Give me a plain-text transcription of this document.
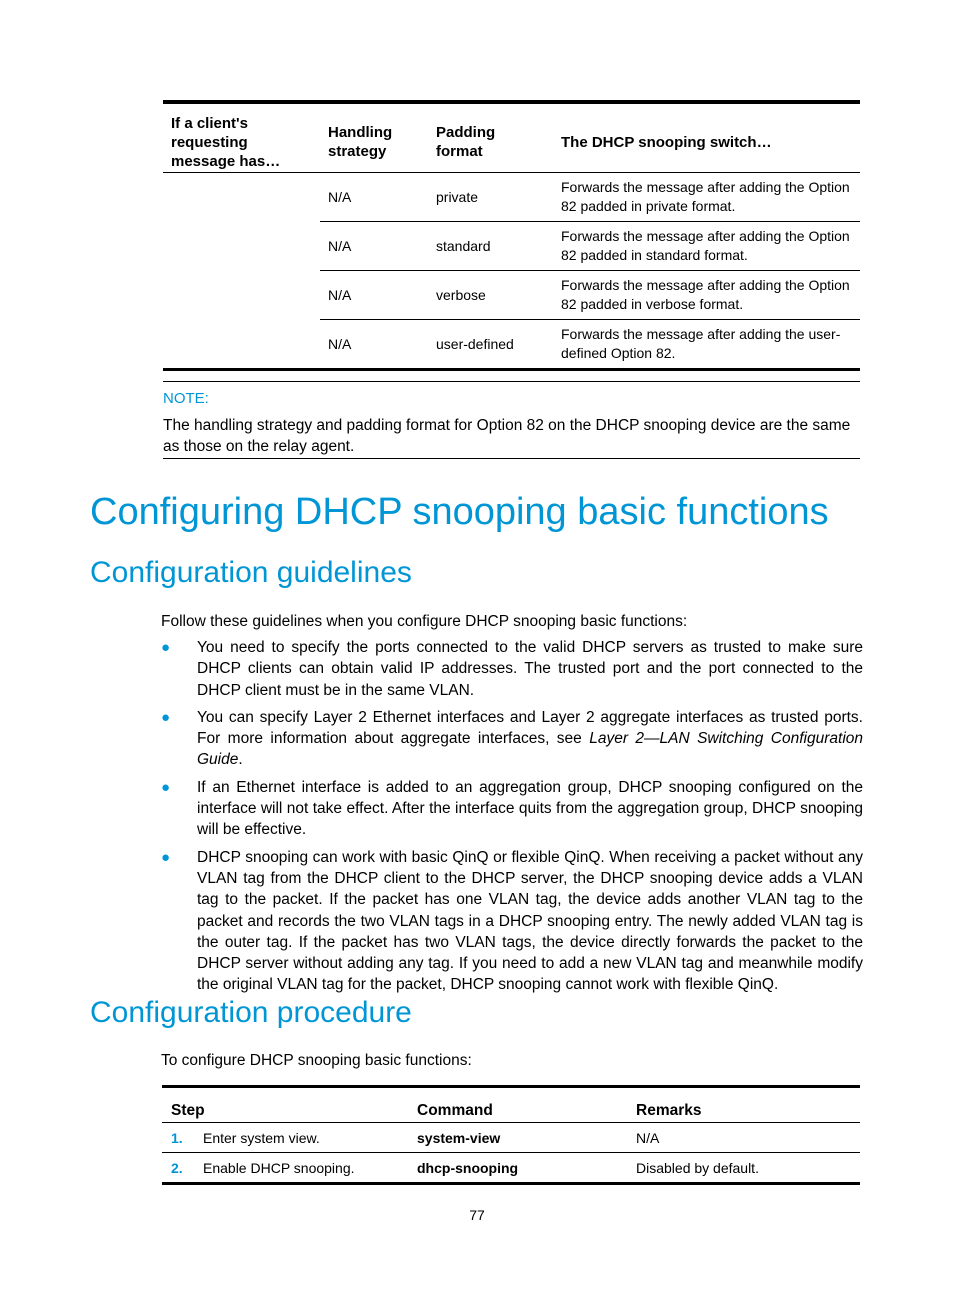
If a client's requesting message has…	Handling strategy	Padding format	The DHCP snooping switch…
	N/A	private	Forwards the message after adding the Option 82 padded in private format.
	N/A	standard	Forwards the message after adding the Option 82 padded in standard format.
	N/A	verbose	Forwards the message after adding the Option 82 padded in verbose format.
	N/A	user-defined	Forwards the message after adding the user-defined Option 82.
NOTE:
The handling strategy and padding format for Option 82 on the DHCP snooping device are the same as those on the relay agent.
Configuring DHCP snooping basic functions
Configuration guidelines

Follow these guidelines when you configure DHCP snooping basic functions:

● You need to specify the ports connected to the valid DHCP servers as trusted to make sure DHCP clients can obtain valid IP addresses. The trusted port and the port connected to the DHCP client must be in the same VLAN.
● You can specify Layer 2 Ethernet interfaces and Layer 2 aggregate interfaces as trusted ports. For more information about aggregate interfaces, see Layer 2—LAN Switching Configuration Guide.
● If an Ethernet interface is added to an aggregation group, DHCP snooping configured on the interface will not take effect. After the interface quits from the aggregation group, DHCP snooping will be effective.
● DHCP snooping can work with basic QinQ or flexible QinQ. When receiving a packet without any VLAN tag from the DHCP client to the DHCP server, the DHCP snooping device adds a VLAN tag to the packet. If the packet has one VLAN tag, the device adds another VLAN tag to the packet and records the two VLAN tags in a DHCP snooping entry. The newly added VLAN tag is the outer tag. If the packet has two VLAN tags, the device directly forwards the packet to the DHCP server without adding any tag. If you need to add a new VLAN tag and meanwhile modify the original VLAN tag for the packet, DHCP snooping cannot work with flexible QinQ.
Configuration procedure

To configure DHCP snooping basic functions:

Step	Command	Remarks
1. Enter system view.	system-view	N/A
2. Enable DHCP snooping.	dhcp-snooping	Disabled by default.
77
